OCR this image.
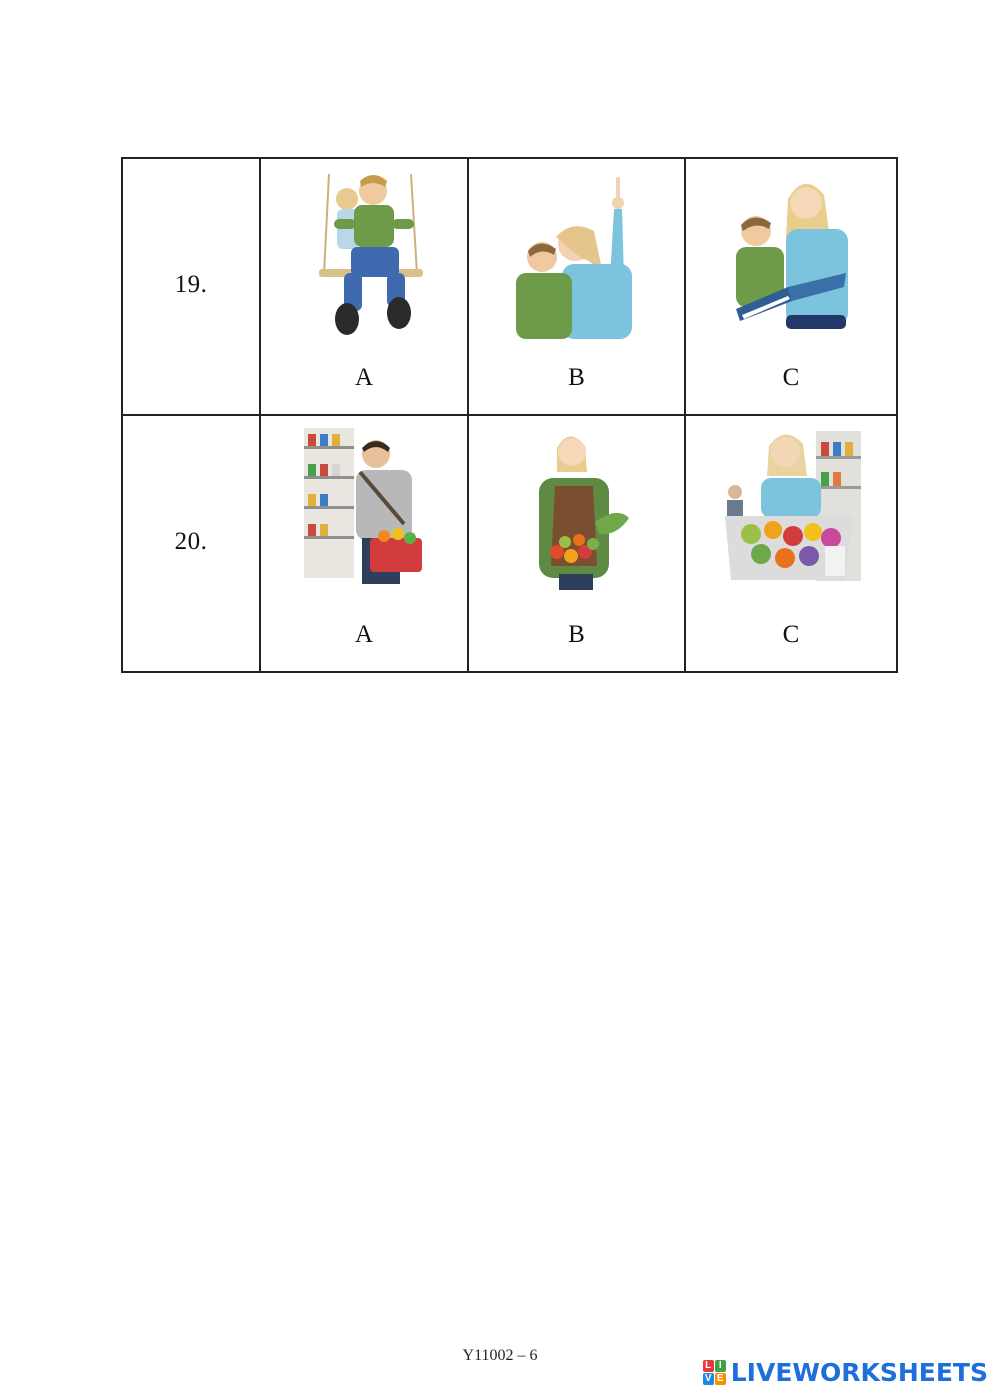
19.	A	B	C

20.	A	B	C
Y11002 – 6
L I
V E LIVEWORKSHEETS
